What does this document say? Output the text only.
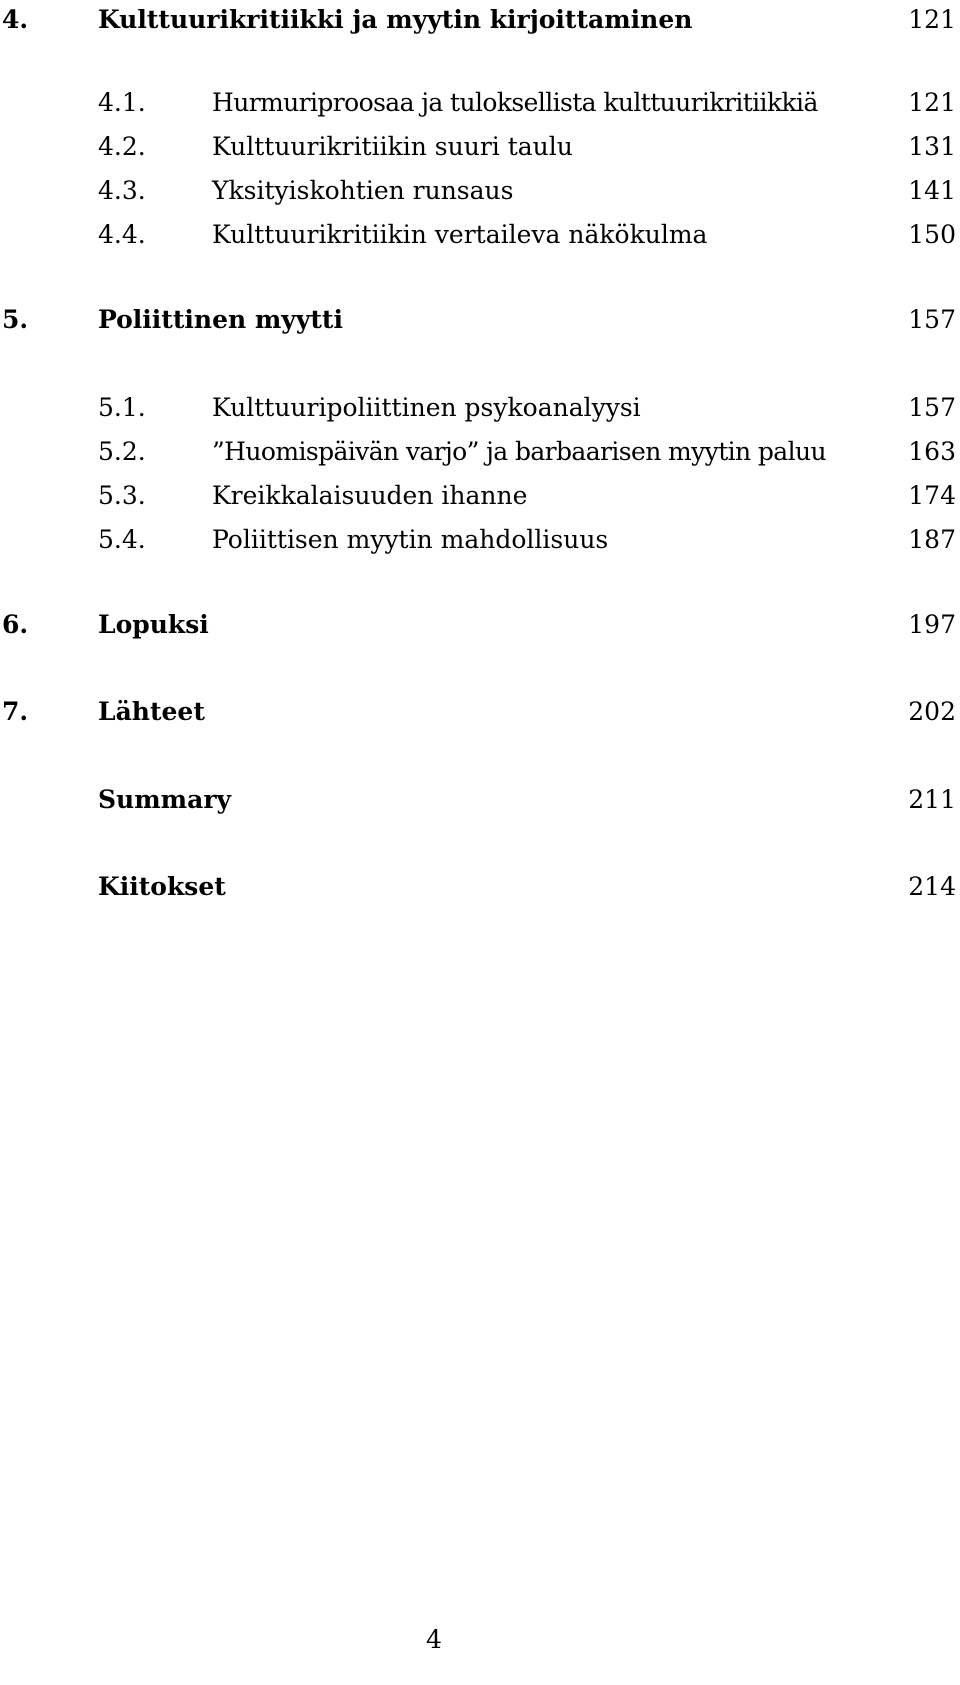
4.	Kulttuurikritiikki ja myytin kirjoittaminen	121
4.1.	Hurmuriproosaa ja tuloksellista kulttuurikritiikkiä	121
4.2.	Kulttuurikritiikin suuri taulu	131
4.3.	Yksityiskohtien runsaus	141
4.4.	Kulttuurikritiikin vertaileva näkökulma	150
5.	Poliittinen myytti	157
5.1.	Kulttuuripoliittinen psykoanalyysi	157
5.2.	”Huomispäivän varjo” ja barbaarisen myytin paluu	163
5.3.	Kreikkalaisuuden ihanne	174
5.4.	Poliittisen myytin mahdollisuus	187
6.	Lopuksi	197
7.	Lähteet	202
Summary	211
Kiitokset	214
4
